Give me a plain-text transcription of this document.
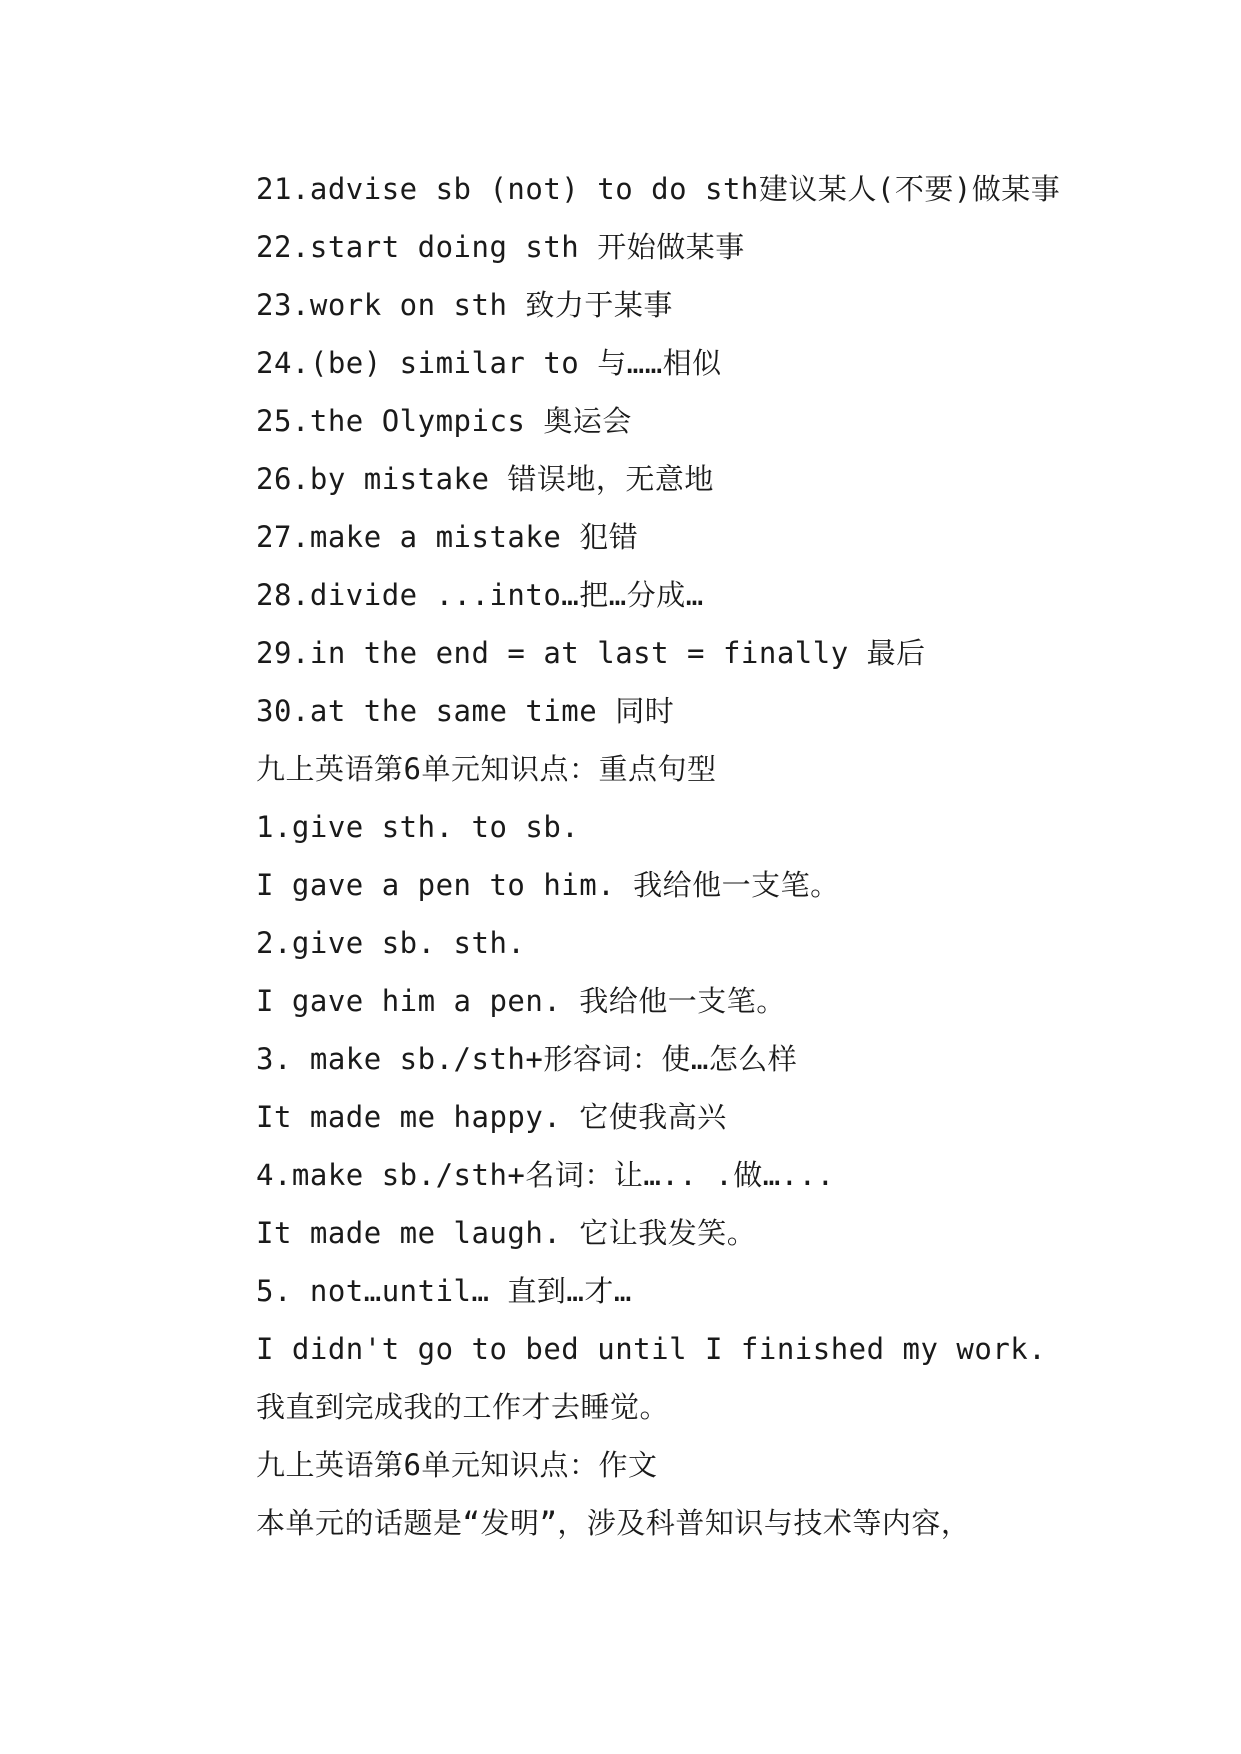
21.advise sb (not) to do sth建议某人(不要)做某事
22.start doing sth 开始做某事
23.work on sth 致力于某事
24.(be) similar to 与……相似
25.the Olympics 奥运会
26.by mistake 错误地，无意地
27.make a mistake 犯错
28.divide ...into…把…分成…
29.in the end = at last = finally 最后
30.at the same time 同时
九上英语第6单元知识点：重点句型
1.give sth. to sb.
I gave a pen to him. 我给他一支笔。
2.give sb. sth.
I gave him a pen. 我给他一支笔。
3. make sb./sth+形容词：使…怎么样
It made me happy. 它使我高兴
4.make sb./sth+名词：让….. .做…...
It made me laugh. 它让我发笑。
5. not…until… 直到…才…
I didn't go to bed until I finished my work.
我直到完成我的工作才去睡觉。
九上英语第6单元知识点：作文
本单元的话题是“发明”，涉及科普知识与技术等内容，
